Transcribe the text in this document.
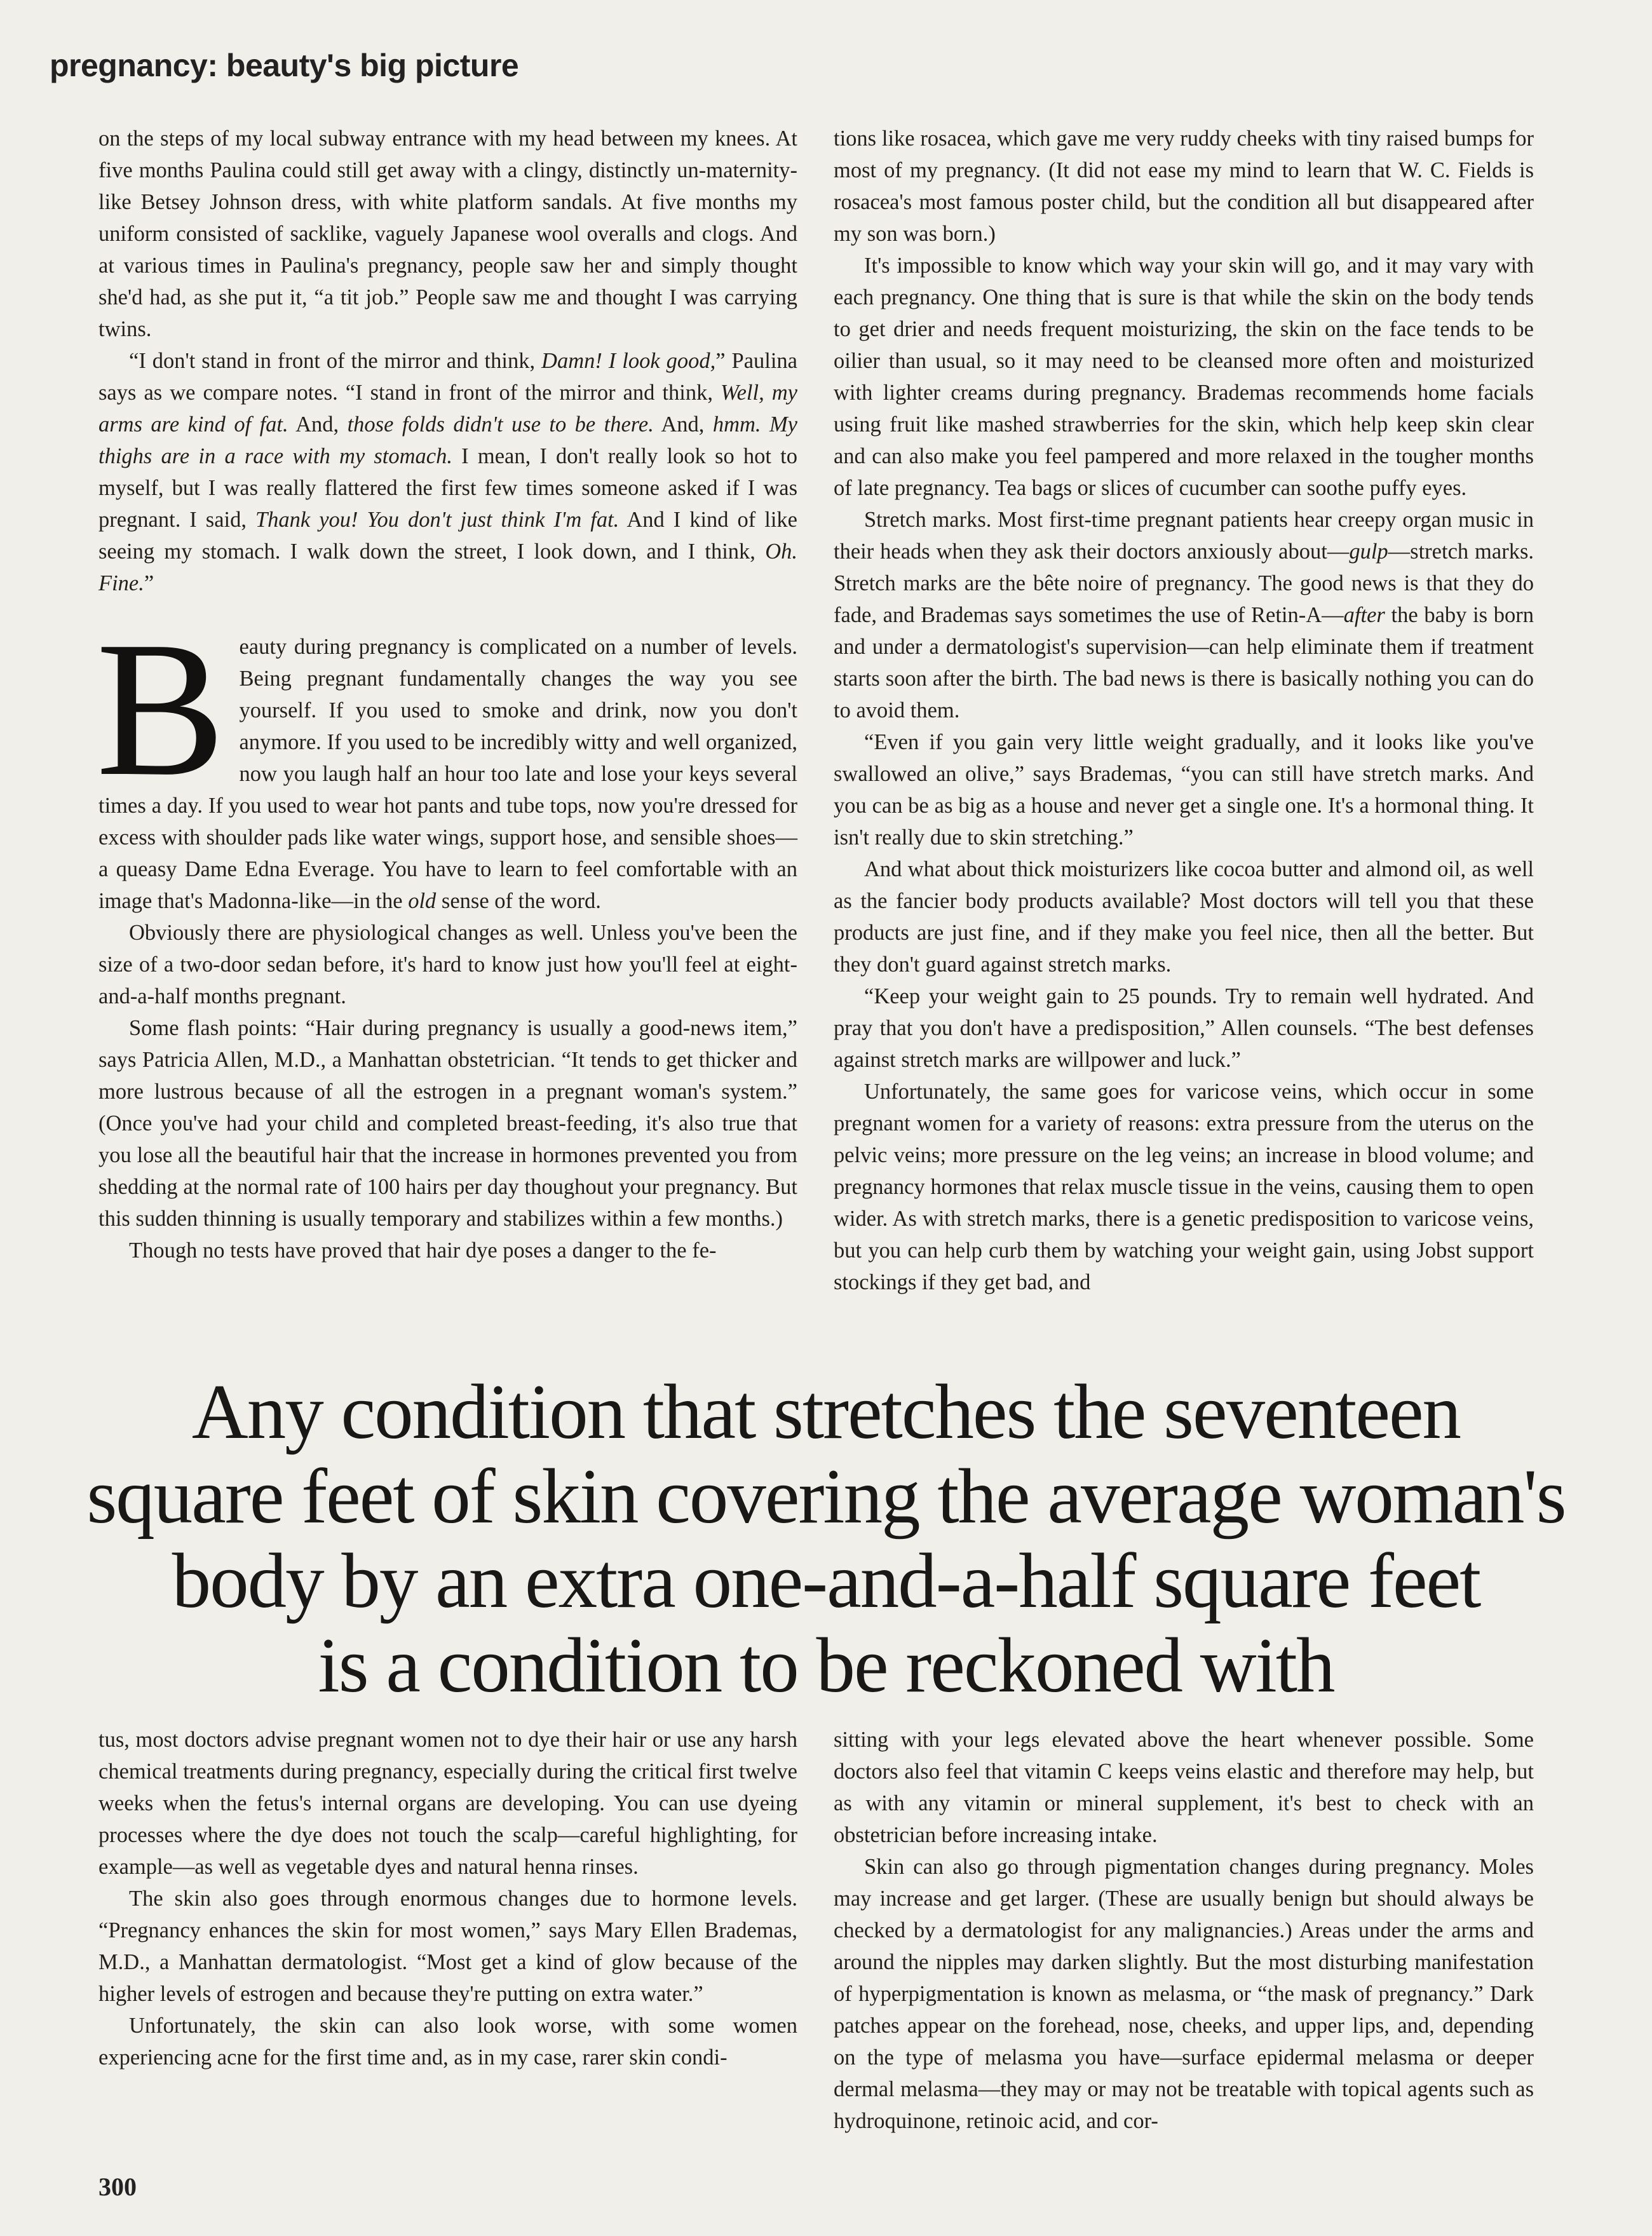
pregnancy: beauty's big picture

on the steps of my local subway entrance with my head between my knees. At five months Paulina could still get away with a clingy, distinctly un-maternity-like Betsey Johnson dress, with white platform sandals. At five months my uniform consisted of sacklike, vaguely Japanese wool overalls and clogs. And at various times in Paulina's pregnancy, people saw her and simply thought she'd had, as she put it, “a tit job.” People saw me and thought I was carrying twins.

“I don't stand in front of the mirror and think, Damn! I look good,” Paulina says as we compare notes. “I stand in front of the mirror and think, Well, my arms are kind of fat. And, those folds didn't use to be there. And, hmm. My thighs are in a race with my stomach. I mean, I don't really look so hot to myself, but I was really flattered the first few times someone asked if I was pregnant. I said, Thank you! You don't just think I'm fat. And I kind of like seeing my stomach. I walk down the street, I look down, and I think, Oh. Fine.”

Beauty during pregnancy is complicated on a number of levels. Being pregnant fundamentally changes the way you see yourself. If you used to smoke and drink, now you don't anymore. If you used to be incredibly witty and well organized, now you laugh half an hour too late and lose your keys several times a day. If you used to wear hot pants and tube tops, now you're dressed for excess with shoulder pads like water wings, support hose, and sensible shoes—a queasy Dame Edna Everage. You have to learn to feel comfortable with an image that's Madonna-like—in the old sense of the word.

Obviously there are physiological changes as well. Unless you've been the size of a two-door sedan before, it's hard to know just how you'll feel at eight-and-a-half months pregnant.

Some flash points: “Hair during pregnancy is usually a good-news item,” says Patricia Allen, M.D., a Manhattan obstetrician. “It tends to get thicker and more lustrous because of all the estrogen in a pregnant woman's system.” (Once you've had your child and completed breast-feeding, it's also true that you lose all the beautiful hair that the increase in hormones prevented you from shedding at the normal rate of 100 hairs per day thoughout your pregnancy. But this sudden thinning is usually temporary and stabilizes within a few months.)

Though no tests have proved that hair dye poses a danger to the fe-

tions like rosacea, which gave me very ruddy cheeks with tiny raised bumps for most of my pregnancy. (It did not ease my mind to learn that W. C. Fields is rosacea's most famous poster child, but the condition all but disappeared after my son was born.)

It's impossible to know which way your skin will go, and it may vary with each pregnancy. One thing that is sure is that while the skin on the body tends to get drier and needs frequent moisturizing, the skin on the face tends to be oilier than usual, so it may need to be cleansed more often and moisturized with lighter creams during pregnancy. Brademas recommends home facials using fruit like mashed strawberries for the skin, which help keep skin clear and can also make you feel pampered and more relaxed in the tougher months of late pregnancy. Tea bags or slices of cucumber can soothe puffy eyes.

Stretch marks. Most first-time pregnant patients hear creepy organ music in their heads when they ask their doctors anxiously about—gulp—stretch marks. Stretch marks are the bête noire of pregnancy. The good news is that they do fade, and Brademas says sometimes the use of Retin-A—after the baby is born and under a dermatologist's supervision—can help eliminate them if treatment starts soon after the birth. The bad news is there is basically nothing you can do to avoid them.

“Even if you gain very little weight gradually, and it looks like you've swallowed an olive,” says Brademas, “you can still have stretch marks. And you can be as big as a house and never get a single one. It's a hormonal thing. It isn't really due to skin stretching.”

And what about thick moisturizers like cocoa butter and almond oil, as well as the fancier body products available? Most doctors will tell you that these products are just fine, and if they make you feel nice, then all the better. But they don't guard against stretch marks.

“Keep your weight gain to 25 pounds. Try to remain well hydrated. And pray that you don't have a predisposition,” Allen counsels. “The best defenses against stretch marks are willpower and luck.”

Unfortunately, the same goes for varicose veins, which occur in some pregnant women for a variety of reasons: extra pressure from the uterus on the pelvic veins; more pressure on the leg veins; an increase in blood volume; and pregnancy hormones that relax muscle tissue in the veins, causing them to open wider. As with stretch marks, there is a genetic predisposition to varicose veins, but you can help curb them by watching your weight gain, using Jobst support stockings if they get bad, and

Any condition that stretches the seventeen
square feet of skin covering the average woman's
body by an extra one-and-a-half square feet
is a condition to be reckoned with

tus, most doctors advise pregnant women not to dye their hair or use any harsh chemical treatments during pregnancy, especially during the critical first twelve weeks when the fetus's internal organs are developing. You can use dyeing processes where the dye does not touch the scalp—careful highlighting, for example—as well as vegetable dyes and natural henna rinses.

The skin also goes through enormous changes due to hormone levels. “Pregnancy enhances the skin for most women,” says Mary Ellen Brademas, M.D., a Manhattan dermatologist. “Most get a kind of glow because of the higher levels of estrogen and because they're putting on extra water.”

Unfortunately, the skin can also look worse, with some women experiencing acne for the first time and, as in my case, rarer skin condi-

sitting with your legs elevated above the heart whenever possible. Some doctors also feel that vitamin C keeps veins elastic and therefore may help, but as with any vitamin or mineral supplement, it's best to check with an obstetrician before increasing intake.

Skin can also go through pigmentation changes during pregnancy. Moles may increase and get larger. (These are usually benign but should always be checked by a dermatologist for any malignancies.) Areas under the arms and around the nipples may darken slightly. But the most disturbing manifestation of hyperpigmentation is known as melasma, or “the mask of pregnancy.” Dark patches appear on the forehead, nose, cheeks, and upper lips, and, depending on the type of melasma you have—surface epidermal melasma or deeper dermal melasma—they may or may not be treatable with topical agents such as hydroquinone, retinoic acid, and cor-

300
